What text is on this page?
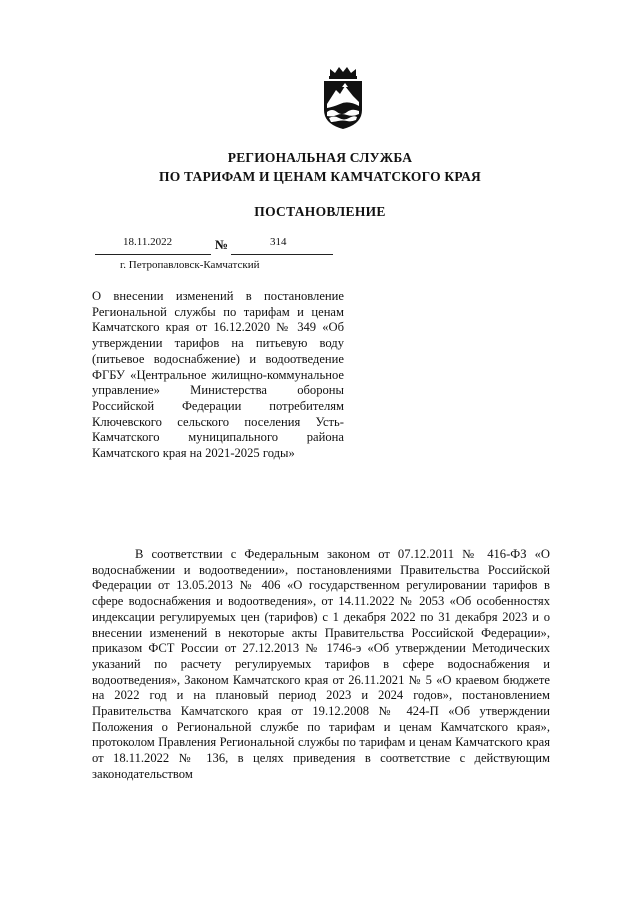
РЕГИОНАЛЬНАЯ СЛУЖБА
ПО ТАРИФАМ И ЦЕНАМ КАМЧАТСКОГО КРАЯ
ПОСТАНОВЛЕНИЕ
18.11.2022	№	314
г. Петропавловск-Камчатский
О внесении изменений в постановление Региональной службы по тарифам и ценам Камчатского края от 16.12.2020 № 349 «Об утверждении тарифов на питьевую воду (питьевое водоснабжение) и водоотведение ФГБУ «Центральное жилищно-коммунальное управление» Министерства обороны Российской Федерации потребителям Ключевского сельского поселения Усть-Камчатского муниципального района Камчатского края на 2021-2025 годы»
В соответствии с Федеральным законом от 07.12.2011 № 416-ФЗ «О водоснабжении и водоотведении», постановлениями Правительства Российской Федерации от 13.05.2013 № 406 «О государственном регулировании тарифов в сфере водоснабжения и водоотведения», от 14.11.2022 № 2053 «Об особенностях индексации регулируемых цен (тарифов) с 1 декабря 2022 по 31 декабря 2023 и о внесении изменений в некоторые акты Правительства Российской Федерации», приказом ФСТ России от 27.12.2013 № 1746-э «Об утверждении Методических указаний по расчету регулируемых тарифов в сфере водоснабжения и водоотведения», Законом Камчатского края от 26.11.2021 № 5 «О краевом бюджете на 2022 год и на плановый период 2023 и 2024 годов», постановлением Правительства Камчатского края от 19.12.2008 № 424-П «Об утверждении Положения о Региональной службе по тарифам и ценам Камчатского края», протоколом Правления Региональной службы по тарифам и ценам Камчатского края от 18.11.2022 № 136, в целях приведения в соответствие с действующим законодательством
